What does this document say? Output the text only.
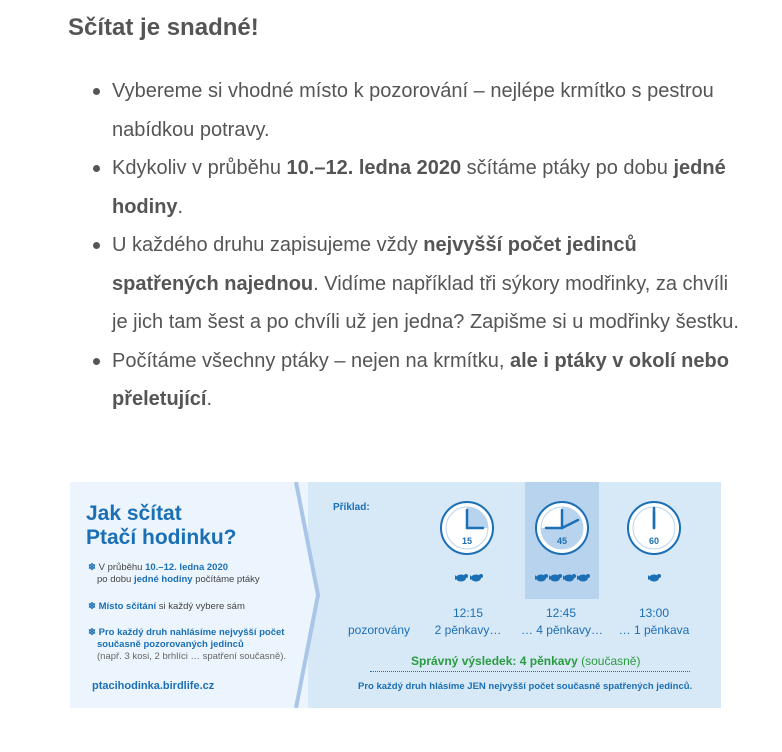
Sčítat je snadné!
Vybereme si vhodné místo k pozorování – nejlépe krmítko s pestrou nabídkou potravy.
Kdykoliv v průběhu 10.–12. ledna 2020 sčítáme ptáky po dobu jedné hodiny.
U každého druhu zapisujeme vždy nejvyšší počet jedinců spatřených najednou. Vidíme například tři sýkory modřinky, za chvíli je jich tam šest a po chvíli už jen jedna? Zapišme si u modřinky šestku.
Počítáme všechny ptáky – nejen na krmítku, ale i ptáky v okolí nebo přeletující.
Jak sčítat
Ptačí hodinku?
❄ V průběhu 10.–12. ledna 2020
po dobu jedné hodiny počítáme ptáky
❄ Místo sčítání si každý vybere sám
❄ Pro každý druh nahlásíme nejvyšší počet
současně pozorovaných jedinců
(např. 3 kosi, 2 brhlíci … spatření současně).
ptacihodinka.birdlife.cz
Příklad:
15	45	60
12:15	12:45	13:00
pozorovány	2 pěnkavy…	… 4 pěnkavy…	… 1 pěnkava
Správný výsledek: 4 pěnkavy (současně)
Pro každý druh hlásíme JEN nejvyšší počet současně spatřených jedinců.
